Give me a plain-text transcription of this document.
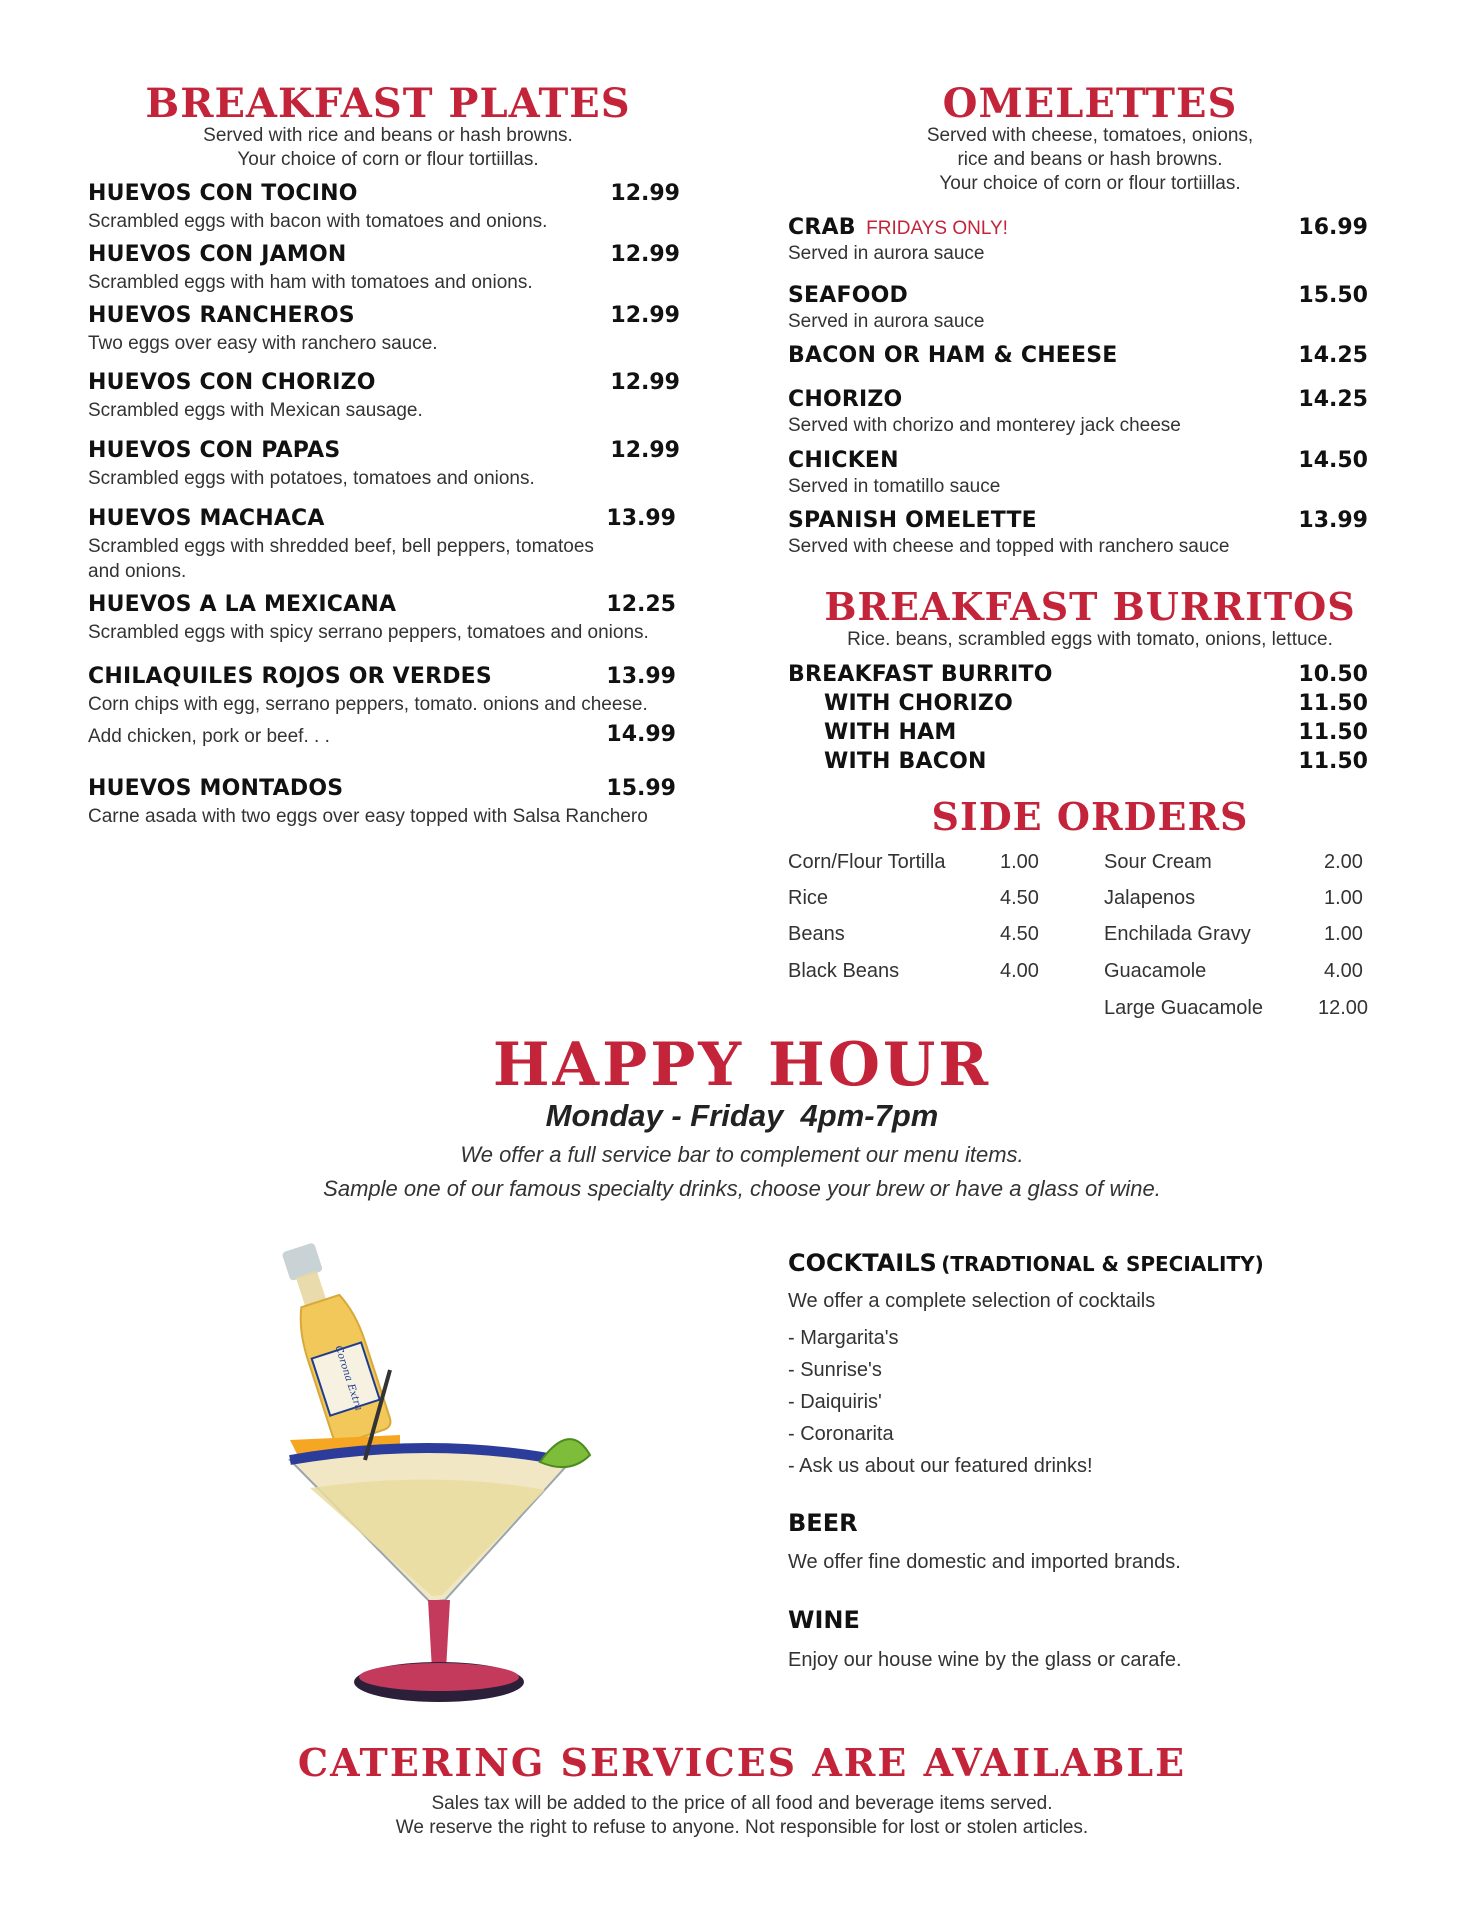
BREAKFAST PLATES
Served with rice and beans or hash browns.
Your choice of corn or flour tortiillas.
HUEVOS CON TOCINO	12.99
Scrambled eggs with bacon with tomatoes and onions.
HUEVOS CON JAMON	12.99
Scrambled eggs with ham with tomatoes and onions.
HUEVOS RANCHEROS	12.99
Two eggs over easy with ranchero sauce.
HUEVOS CON CHORIZO	12.99
Scrambled eggs with Mexican sausage.
HUEVOS CON PAPAS	12.99
Scrambled eggs with potatoes, tomatoes and onions.
HUEVOS MACHACA	13.99
Scrambled eggs with shredded beef, bell peppers, tomatoes and onions.
HUEVOS A LA MEXICANA	12.25
Scrambled eggs with spicy serrano peppers, tomatoes and onions.
CHILAQUILES ROJOS OR VERDES	13.99
Corn chips with egg, serrano peppers, tomato. onions and cheese.
Add chicken, pork or beef. . .	14.99
HUEVOS MONTADOS	15.99
Carne asada with two eggs over easy topped with Salsa Ranchero
OMELETTES
Served with cheese, tomatoes, onions,
rice and beans or hash browns.
Your choice of corn or flour tortiillas.
CRAB FRIDAYS ONLY!	16.99
Served in aurora sauce
SEAFOOD	15.50
Served in aurora sauce
BACON OR HAM & CHEESE	14.25
CHORIZO	14.25
Served with chorizo and monterey jack cheese
CHICKEN	14.50
Served in tomatillo sauce
SPANISH OMELETTE	13.99
Served with cheese and topped with ranchero sauce
BREAKFAST BURRITOS
Rice. beans, scrambled eggs with tomato, onions, lettuce.
BREAKFAST BURRITO	10.50
WITH CHORIZO	11.50
WITH HAM	11.50
WITH BACON	11.50
SIDE ORDERS
Corn/Flour Tortilla	1.00
Rice	4.50
Beans	4.50
Black Beans	4.00
Sour Cream	2.00
Jalapenos	1.00
Enchilada Gravy	1.00
Guacamole	4.00
Large Guacamole	12.00
HAPPY HOUR
Monday - Friday  4pm-7pm
We offer a full service bar to complement our menu items.
Sample one of our famous specialty drinks, choose your brew or have a glass of wine.
Corona Extra
COCKTAILS (TRADTIONAL & SPECIALITY)
We offer a complete selection of cocktails
- Margarita's
- Sunrise's
- Daiquiris'
- Coronarita
- Ask us about our featured drinks!
BEER
We offer fine domestic and imported brands.
WINE
Enjoy our house wine by the glass or carafe.
CATERING SERVICES ARE AVAILABLE
Sales tax will be added to the price of all food and beverage items served.
We reserve the right to refuse to anyone. Not responsible for lost or stolen articles.
